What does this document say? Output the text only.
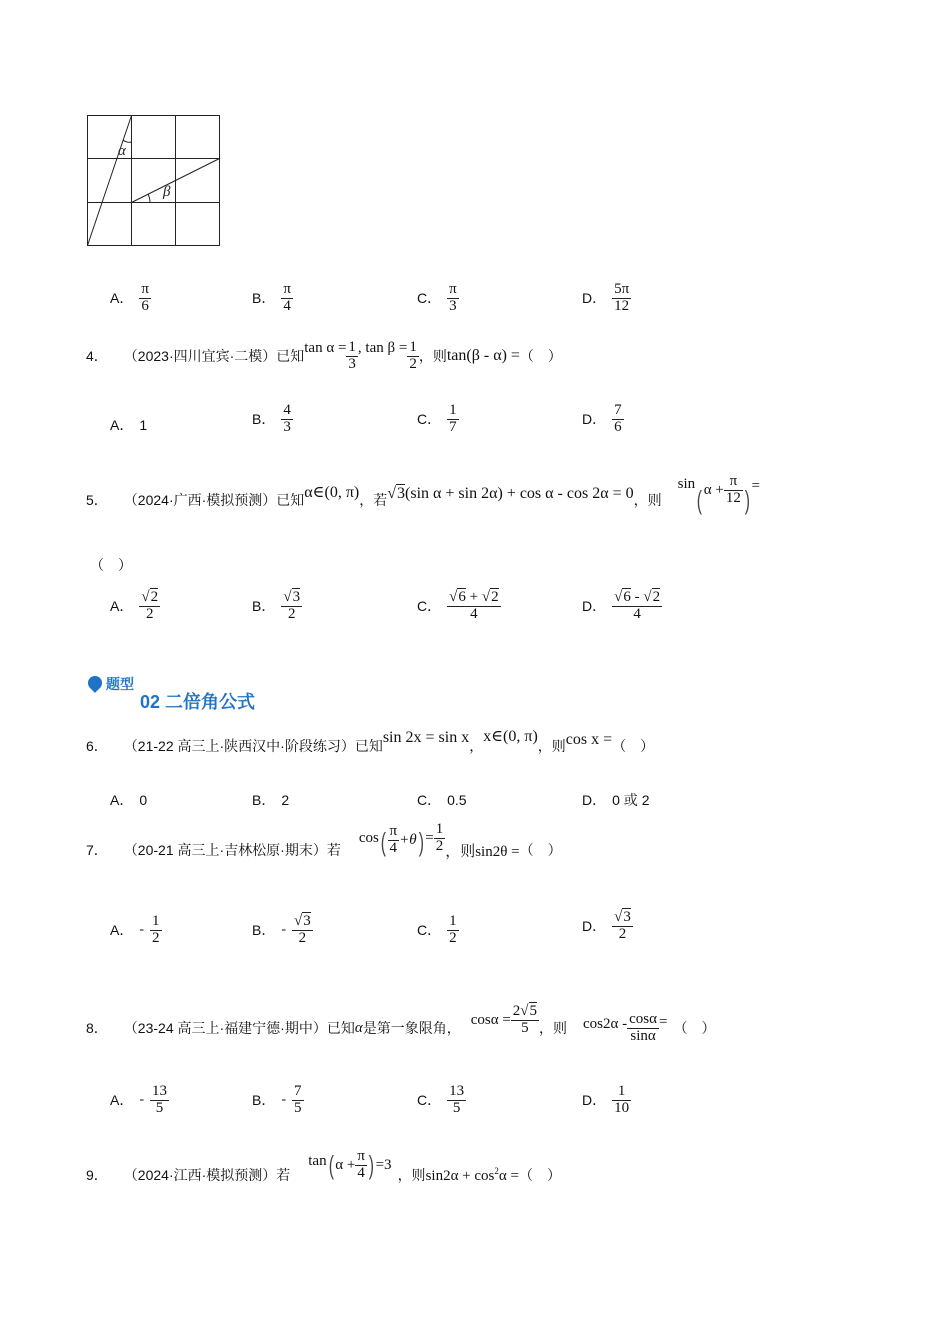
α
β
A． $\frac{\pi}{6}$	B． $\frac{\pi}{4}$	C． $\frac{\pi}{3}$	D． $\frac{5\pi}{12}$
4． （2023·四川宜宾·二模）已知
$\tan \alpha = \frac{1}{3}$ , $\tan \beta = \frac{1}{2}$ ，则 tan(β - α) = （　）
A． 1	B． $\frac{4}{3}$	C． $\frac{1}{7}$	D． $\frac{7}{6}$
5． （2024·广西·模拟预测）已知 α∈(0, π) ，若 √3(sin α + sin 2α) + cos α - cos 2α = 0 ，则
sin
( $\alpha + \frac{\pi}{12}$ ) =
（　）
A． $\frac{√2}{2}$	B． $\frac{√3}{2}$	C． $\frac{√6 + √2}{4}$	D． $\frac{√6 - √2}{4}$
题型
02 二倍角公式
6． （21-22 高三上·陕西汉中·阶段练习）已知 sin 2x = sin x ，
x∈(0, π)
，则 cos x = （　）
A． 0	B． 2	C． 0.5	D． 0 或 2
7． （20-21 高三上·吉林松原·期末）若
cos ( $\frac{\pi}{4} +\theta$ ) = $\frac{1}{2}$ ，则sin2θ = （　）
A． - $\frac{1}{2}$	B． - $\frac{√3}{2}$	C． $\frac{1}{2}$	D． $\frac{√3}{2}$
8． （23-24 高三上·福建宁德·期中）已知 α 是第一象限角，
$\cos\alpha = \frac{2√5}{5}$ ，则 $\cos 2\alpha - \frac{\cos\alpha}{\sin\alpha}$ = （　）
A． - $\frac{13}{5}$	B． - $\frac{7}{5}$	C． $\frac{13}{5}$	D． $\frac{1}{10}$
9． （2024·江西·模拟预测）若
tan ( $\alpha + \frac{\pi}{4}$ ) =3
，则 $\sin 2\alpha + \cos^2\alpha$ = （　）
